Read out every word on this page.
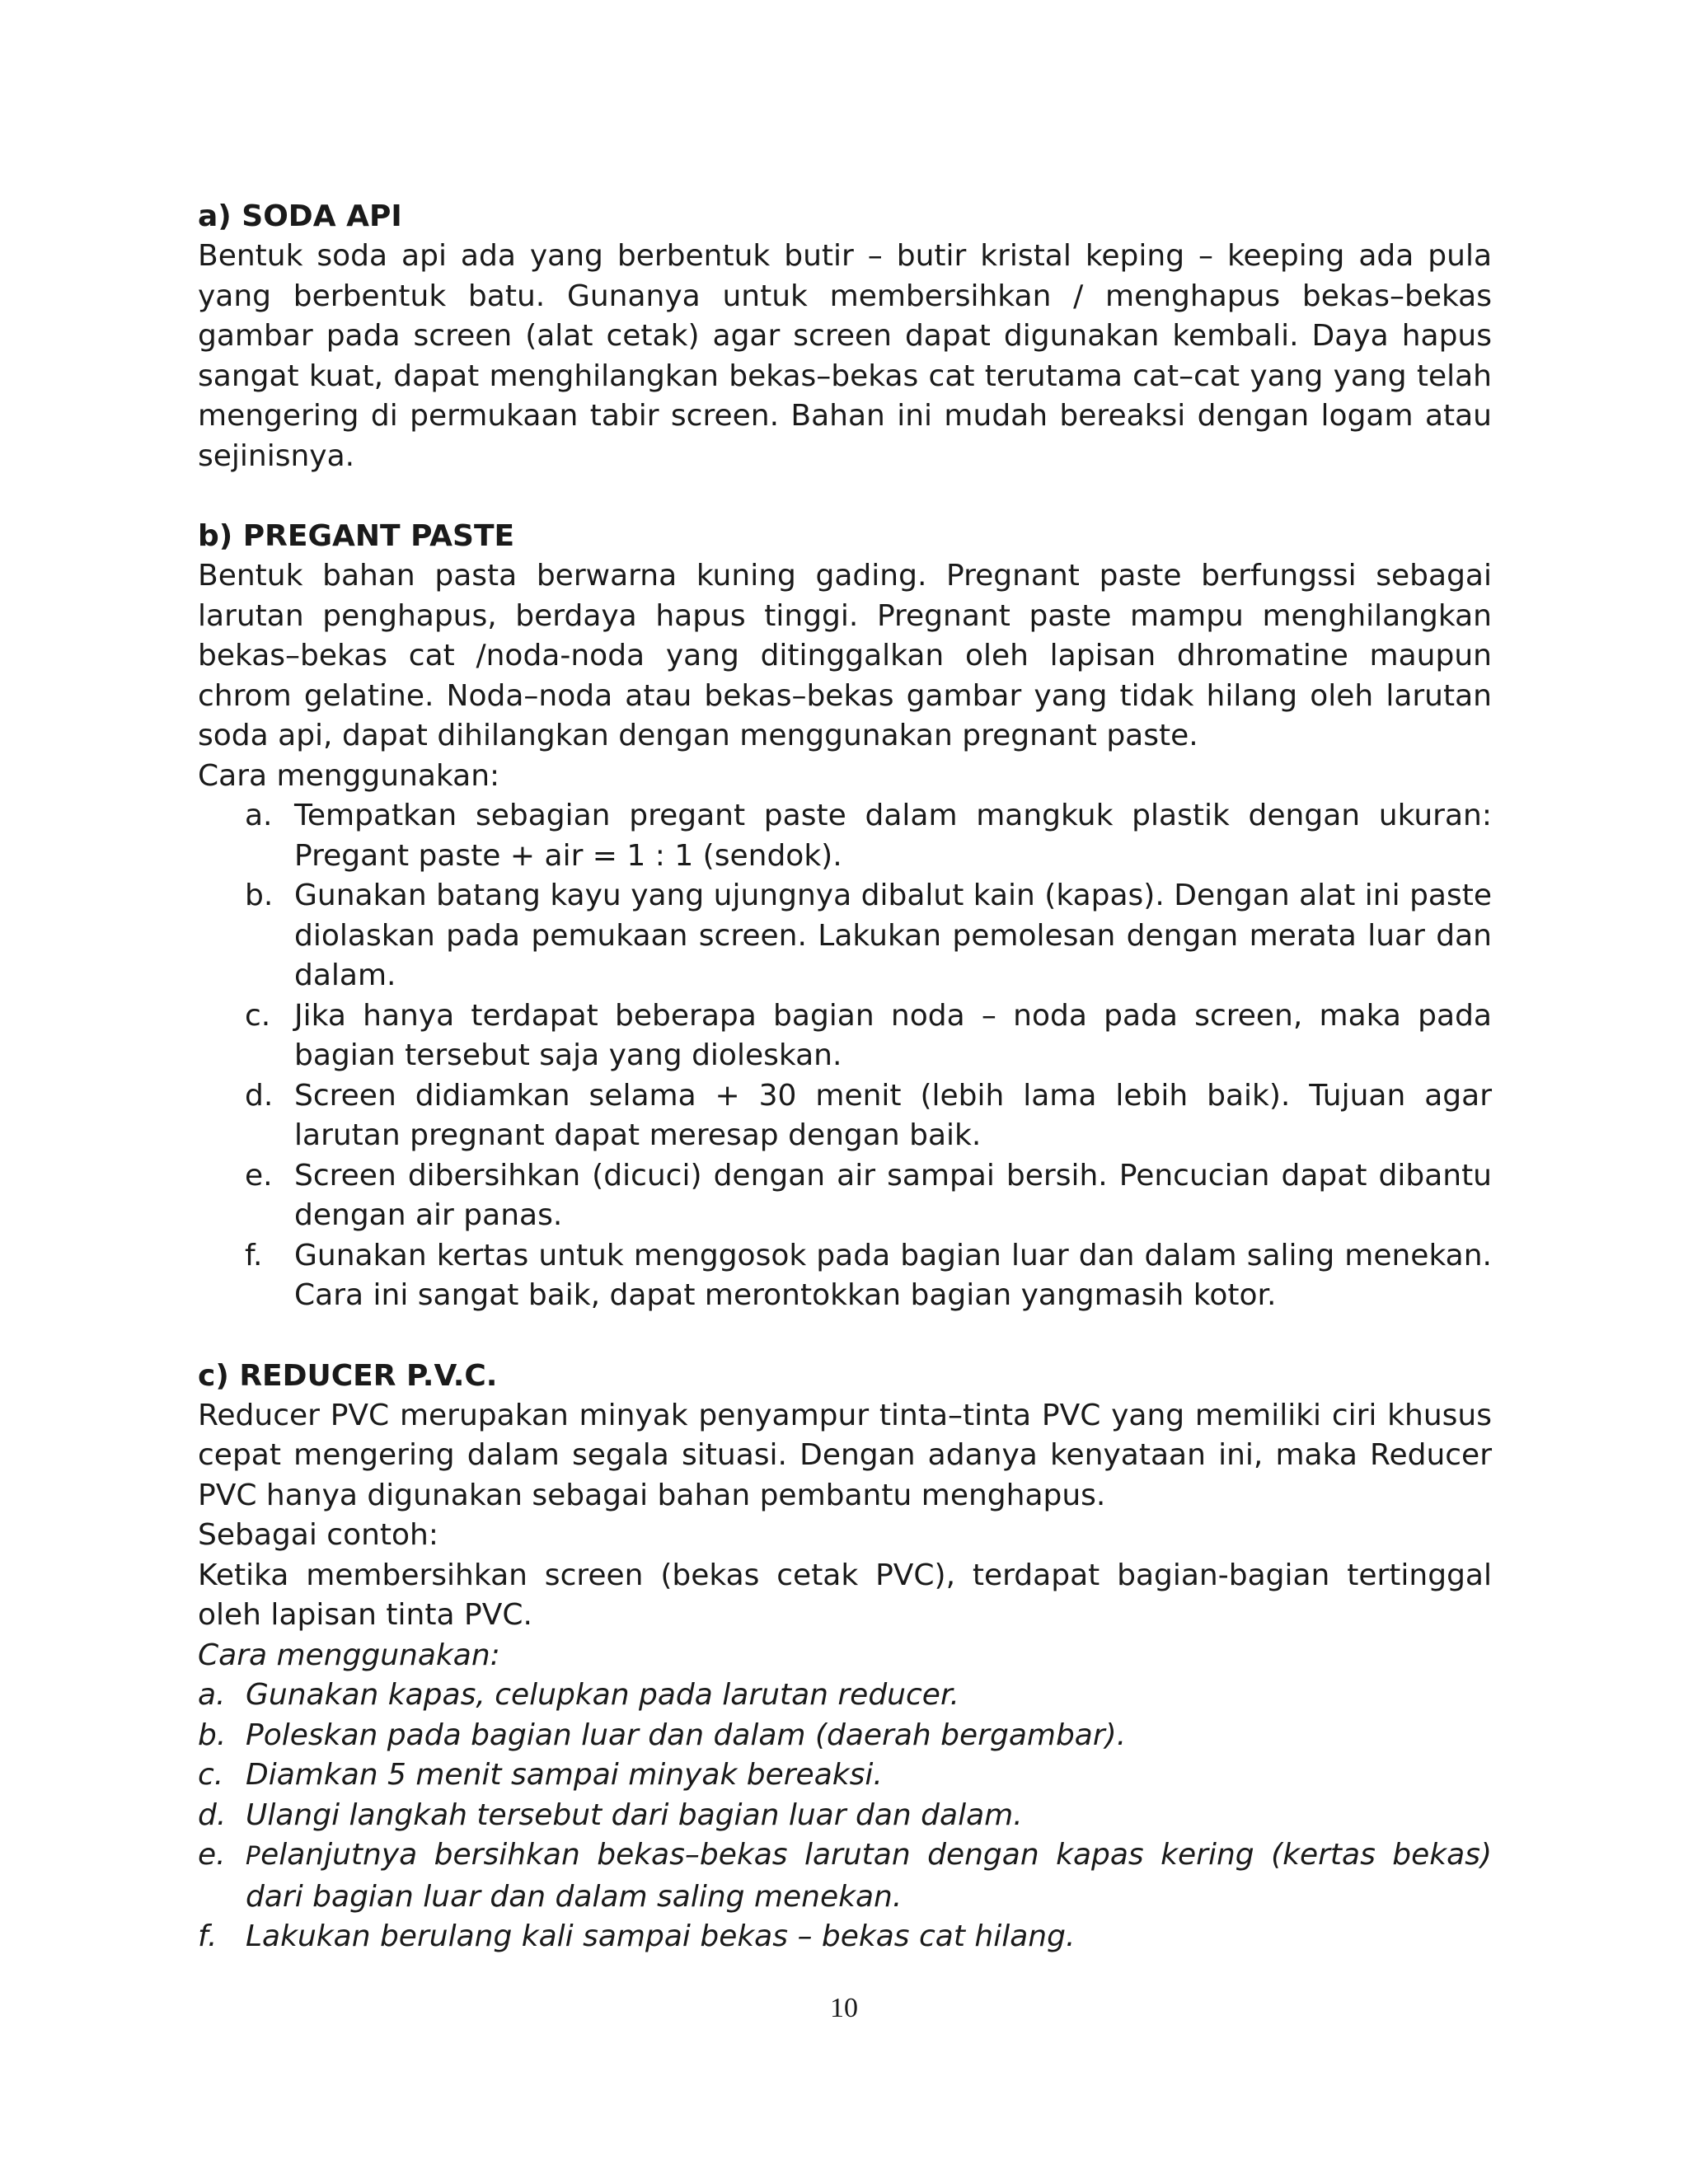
a) SODA API

Bentuk soda api ada yang berbentuk butir – butir kristal keping – keeping ada pula yang berbentuk batu. Gunanya untuk membersihkan / menghapus bekas–bekas gambar pada screen (alat cetak) agar screen dapat digunakan kembali. Daya hapus sangat kuat, dapat menghilangkan bekas–bekas cat terutama cat–cat yang yang telah mengering di permukaan tabir screen. Bahan ini mudah bereaksi dengan logam atau sejinisnya.

b) PREGANT PASTE

Bentuk bahan pasta berwarna kuning gading. Pregnant paste berfungssi sebagai larutan penghapus, berdaya hapus tinggi. Pregnant paste mampu menghilangkan bekas–bekas cat /noda-noda yang ditinggalkan oleh lapisan dhromatine maupun chrom gelatine. Noda–noda atau bekas–bekas gambar yang tidak hilang oleh larutan soda api, dapat dihilangkan dengan menggunakan pregnant paste.

Cara menggunakan:

a. Tempatkan sebagian pregant paste dalam mangkuk plastik dengan ukuran: Pregant paste + air = 1 : 1 (sendok).
b. Gunakan batang kayu yang ujungnya dibalut kain (kapas). Dengan alat ini paste diolaskan pada pemukaan screen. Lakukan pemolesan dengan merata luar dan dalam.
c. Jika hanya terdapat beberapa bagian noda – noda pada screen, maka pada bagian tersebut saja yang dioleskan.
d. Screen didiamkan selama + 30 menit (lebih lama lebih baik). Tujuan agar larutan pregnant dapat meresap dengan baik.
e. Screen dibersihkan (dicuci) dengan air sampai bersih. Pencucian dapat dibantu dengan air panas.
f.	Gunakan kertas untuk menggosok pada bagian luar dan dalam saling menekan. Cara ini sangat baik, dapat merontokkan bagian yangmasih kotor.
c) REDUCER P.V.C.

Reducer PVC merupakan minyak penyampur tinta–tinta PVC yang memiliki ciri khusus cepat mengering dalam segala situasi. Dengan adanya kenyataan ini, maka Reducer PVC hanya digunakan sebagai bahan pembantu menghapus.

Sebagai contoh:

Ketika membersihkan screen (bekas cetak PVC), terdapat bagian-bagian tertinggal oleh lapisan tinta PVC.

Cara menggunakan:

a. Gunakan kapas, celupkan pada larutan reducer.
b. Poleskan pada bagian luar dan dalam (daerah bergambar).
c. Diamkan 5 menit sampai minyak bereaksi.
d. Ulangi langkah tersebut dari bagian luar dan dalam.
e. Pelanjutnya bersihkan bekas–bekas larutan dengan kapas kering (kertas bekas) dari bagian luar dan dalam saling menekan.
f. Lakukan berulang kali sampai bekas – bekas cat hilang.
10
